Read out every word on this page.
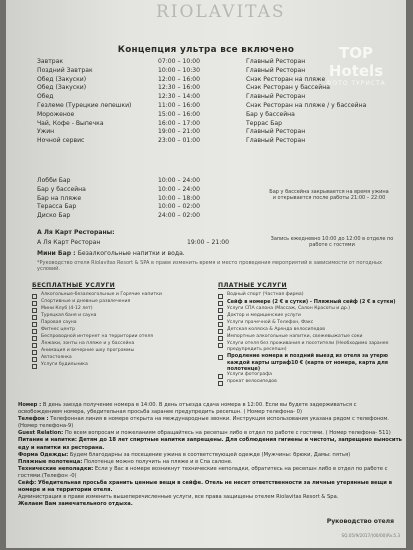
RIOLAVITAS
TOP Hotels
ФОТО ТУРИСТА
Концепция ультра все включено
Завтрак	07:00 – 10:00	Главный Ресторан
Поздний Завтрак	10:00 – 10:30	Главный Ресторан
Обед (Закуски)	12:00 – 16:00	Снэк Ресторан на пляже
Обед (Закуски)	12:30 – 16:00	Снэк Ресторан у бассейна
Обед	12:30 – 14:00	Главный Ресторан
Гезлеме (Турецкие лепешки)	11:00 – 16:00	Снэк Ресторан на пляже / у бассейна
Мороженое	15:00 – 16:00	Бар у бассейна
Чай, Кофе - Выпечка	16:00 – 17:00	Террас Бар
Ужин	19:00 – 21:00	Главный Ресторан
Ночной сервис	23:00 – 01:00	Главный Ресторан
Лобби Бар	10:00 – 24:00
Бар у бассейна	10:00 – 24:00
Бар на пляже	10:00 – 18:00
Терасса Бар	10:00 – 02:00
Диско Бар	24:00 – 02:00
Бар у бассейна закрывается на время ужина и открывается после работы 21:00 – 22:00
А Ля Карт Рестораны:
А Ля Карт Ресторан	19:00 – 21:00	Запись ежедневно 10:00 до 12:00 в отделе по работе с гостями
Мини Бар : Безалкогольные напитки и вода.
*Руководство отеля Riolavitas Resort & SPA в праве изменить время и место проведения мероприятий в зависимости от погодных условий.
БЕСПЛАТНЫЕ УСЛУГИ
Алкогольные-безалкогольные и Горячие напитки
Спортивные и дневные развлечения
Мини Клуб (4-12 лет)
Турецкая баня и сауна
Паровая сауна
Фитнес центр
Беспроводной интернет на территории отеля
Лежаки, зонты на пляже и у бассейна
Анимация и вечерние шоу программы
Автостоянка
Услуги будильника
ПЛАТНЫЕ УСЛУГИ
Водный спорт (Частная фирма)
Сейф в номере (2 € в сутки) - Пляжный сейф (2 € в сутки)
Услуги СПА салона (Массаж, Салон Красоты и др.)
Доктор и медицинские услуги
Услуги прачечной & Телефон, Факс
Детская коляска & Аренда велосипедов
Импортные алкогольные напитки, свежевыжатые соки
Услуги отеля без проживания и посетители (Необходимо заранее предупредить ресепшн)
Продление номера и поздний выезд из отеля за утерю каждой карты штраф10 € (карта от номера, карта для полотенце)
Услуги фотографа
прокат велосипедов

Номер : В день заезда получение номера в 14:00. В день отъезда сдача номера в 12:00. Если вы будете задерживаться с освобождением номера, убедительная просьба заранее предупредить ресепшн. ( Номер телефона- 0)

Телефон : Телефонная линия в номере открыта на международные звонки. Инструкция использования указана рядом с телефоном. (Номер телефона-9)

Guest Relation: По всем вопросам и пожеланиям обращайтесь на ресепшн либо в отдел по работе с гостями. ( Номер телефона- 511)

Питание и напитки: Детям до 18 лет спиртные напитки запрещены. Для соблюдения гигиены и чистоты, запрещено выносить еду и напитки из ресторана.

Форма Одежды: Будем благодарны за посещение ужина в соответствующей одежде (Мужчины: брюки, Дамы: пятья)

Пляжные полотенца: Полотенце можно получить на пляже и в Спа салоне.

Технические неполадки: Если у Вас в номере возникнут технические неполадки, обратитесь на ресепшн либо в отдел по работе с гостями.(Телефон -0)

Сейф: Убедительная просьба хранить ценные вещи в сейфе. Отель не несет ответственности за личные утерянные вещи в номере и на территории отеля.

Администрация в праве изменить вышеперечисленные услуги, все права защищены отелем Riolavitas Resort & Spa.

Желаем Вам замечательного отдыха.

Руководство отеля
SQ.05/9/2017/(00/00)Rv.5.3
